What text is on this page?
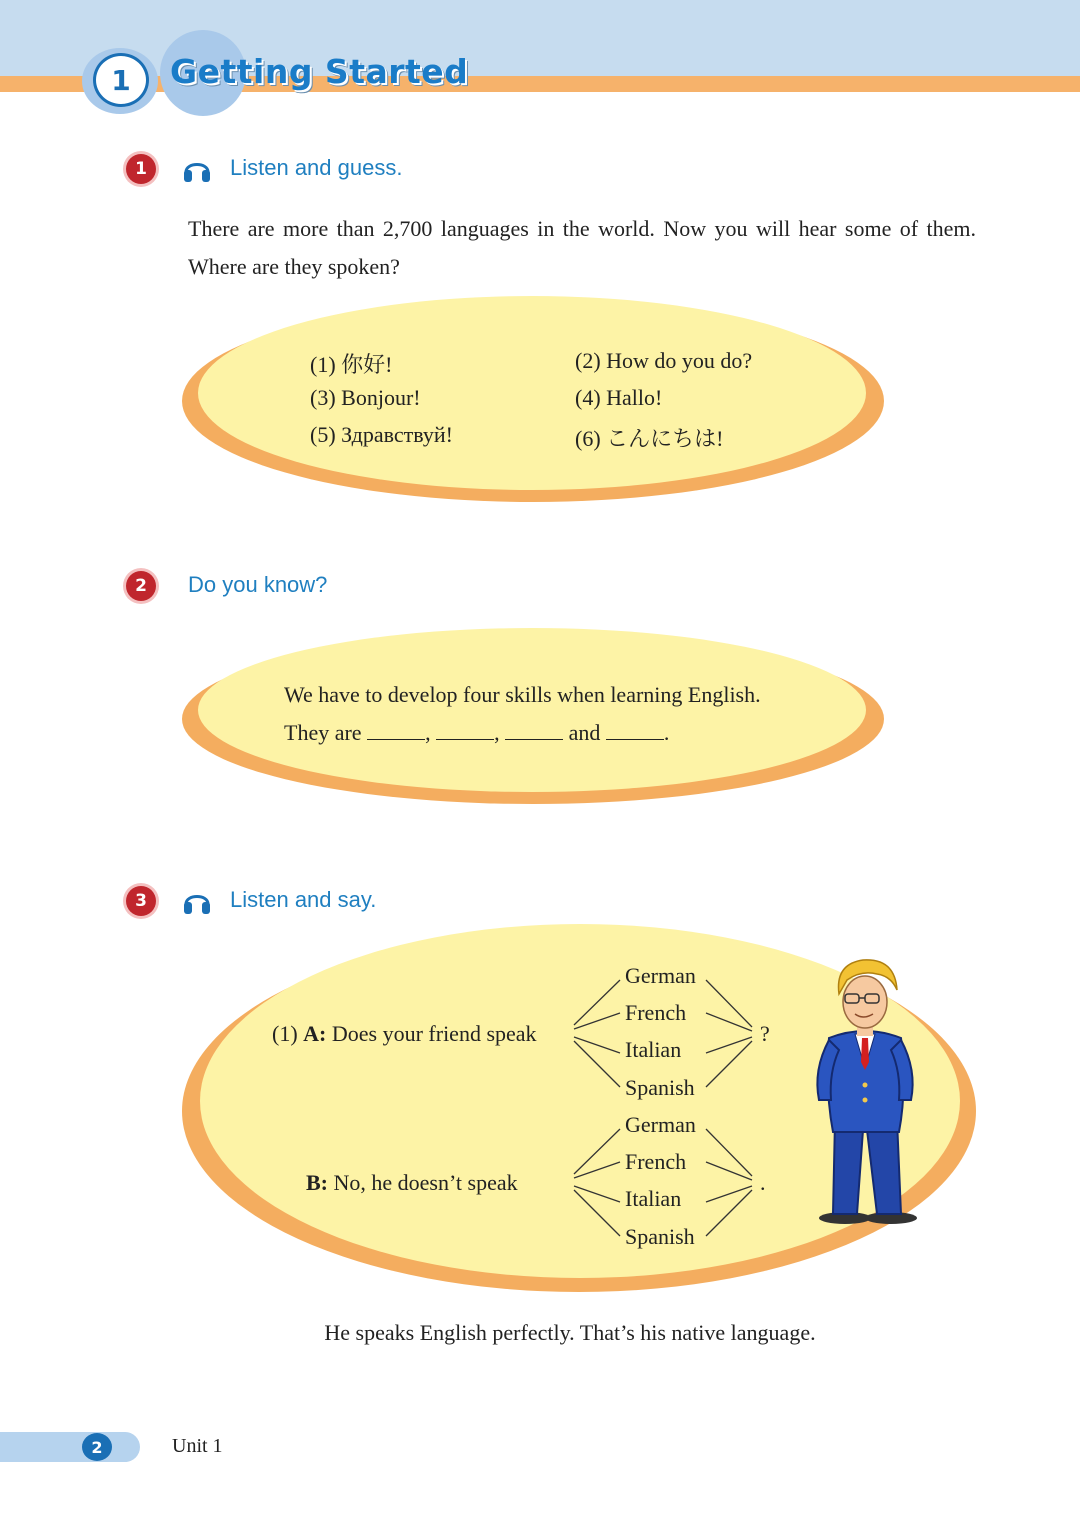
1	Getting Started
1	Listen and guess.
There are more than 2,700 languages in the world. Now you will hear some of them. Where are they spoken?
(1) 你好!	(2) How do you do?
(3) Bonjour!	(4) Hallo!
(5) Здравствуй!	(6) こんにちは!
2	Do you know?
We have to develop four skills when learning English.
They are	,	,	and	.
3	Listen and say.
(1) A: Does your friend speak
German
French
Italian
Spanish
?
B: No, he doesn’t speak
German
French
Italian
Spanish
.
He speaks English perfectly. That’s his native language.
2	Unit 1
